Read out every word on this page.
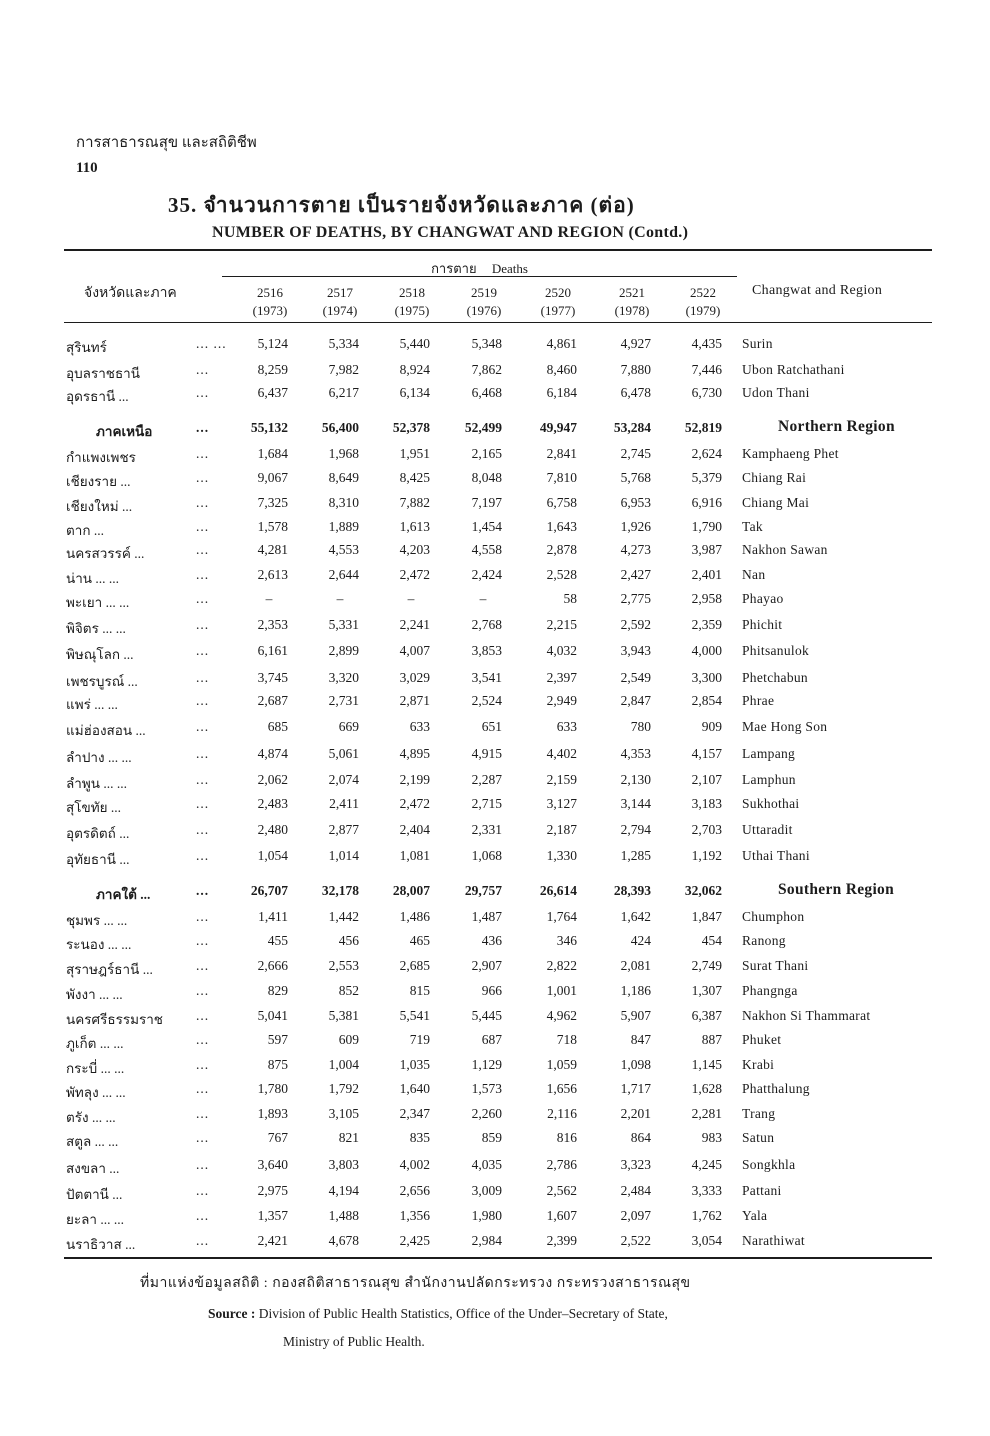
การสาธารณสุข และสถิติชีพ
110
35. จำนวนการตาย เป็นรายจังหวัดและภาค (ต่อ)
NUMBER OF DEATHS, BY CHANGWAT AND REGION (Contd.)
การตาย Deaths
จังหวัดและภาค	Changwat and Region
2516
(1973)
2517
(1974)
2518
(1975)
2519
(1976)
2520
(1977)
2521
(1978)
2522
(1979)
สุรินทร์	... ...	5,124	5,334	5,440	5,348	4,861	4,927	4,435 Surin
อุบลราชธานี	...	8,259	7,982	8,924	7,862	8,460	7,880	7,446 Ubon Ratchathani
อุดรธานี ...	...	6,437	6,217	6,134	6,468	6,184	6,478	6,730 Udon Thani
ภาคเหนือ	...	55,132	56,400	52,378	52,499	49,947	53,284	52,819	Northern Region
กำแพงเพชร	...	1,684	1,968	1,951	2,165	2,841	2,745	2,624 Kamphaeng Phet
เชียงราย ...	...	9,067	8,649	8,425	8,048	7,810	5,768	5,379 Chiang Rai
เชียงใหม่ ...	...	7,325	8,310	7,882	7,197	6,758	6,953	6,916 Chiang Mai
ตาก ...	...	1,578	1,889	1,613	1,454	1,643	1,926	1,790 Tak
นครสวรรค์ ...	...	4,281	4,553	4,203	4,558	2,878	4,273	3,987 Nakhon Sawan
น่าน ... ...	...	2,613	2,644	2,472	2,424	2,528	2,427	2,401 Nan
พะเยา ... ...	...	–	–	–	–	58	2,775	2,958 Phayao
พิจิตร ... ...	...	2,353	5,331	2,241	2,768	2,215	2,592	2,359 Phichit
พิษณุโลก ...	...	6,161	2,899	4,007	3,853	4,032	3,943	4,000 Phitsanulok
เพชรบูรณ์ ...	...	3,745	3,320	3,029	3,541	2,397	2,549	3,300 Phetchabun
แพร่ ... ...	...	2,687	2,731	2,871	2,524	2,949	2,847	2,854 Phrae
แม่ฮ่องสอน ...	...	685	669	633	651	633	780	909 Mae Hong Son
ลำปาง ... ...	...	4,874	5,061	4,895	4,915	4,402	4,353	4,157 Lampang
ลำพูน ... ...	...	2,062	2,074	2,199	2,287	2,159	2,130	2,107 Lamphun
สุโขทัย ...	...	2,483	2,411	2,472	2,715	3,127	3,144	3,183 Sukhothai
อุตรดิตถ์ ...	...	2,480	2,877	2,404	2,331	2,187	2,794	2,703 Uttaradit
อุทัยธานี ...	...	1,054	1,014	1,081	1,068	1,330	1,285	1,192 Uthai Thani
ภาคใต้ ...	...	26,707	32,178	28,007	29,757	26,614	28,393	32,062	Southern Region
ชุมพร ... ...	...	1,411	1,442	1,486	1,487	1,764	1,642	1,847 Chumphon
ระนอง ... ...	...	455	456	465	436	346	424	454 Ranong
สุราษฎร์ธานี ...	...	2,666	2,553	2,685	2,907	2,822	2,081	2,749 Surat Thani
พังงา ... ...	...	829	852	815	966	1,001	1,186	1,307 Phangnga
นครศรีธรรมราช ...	5,041	5,381	5,541	5,445	4,962	5,907	6,387 Nakhon Si Thammarat
ภูเก็ต ... ...	...	597	609	719	687	718	847	887 Phuket
กระบี่ ... ...	...	875	1,004	1,035	1,129	1,059	1,098	1,145 Krabi
พัทลุง ... ...	...	1,780	1,792	1,640	1,573	1,656	1,717	1,628 Phatthalung
ตรัง ... ...	...	1,893	3,105	2,347	2,260	2,116	2,201	2,281 Trang
สตูล ... ...	...	767	821	835	859	816	864	983 Satun
สงขลา ...	...	3,640	3,803	4,002	4,035	2,786	3,323	4,245 Songkhla
ปัตตานี ...	...	2,975	4,194	2,656	3,009	2,562	2,484	3,333 Pattani
ยะลา ... ...	...	1,357	1,488	1,356	1,980	1,607	2,097	1,762 Yala
นราธิวาส ...	...	2,421	4,678	2,425	2,984	2,399	2,522	3,054 Narathiwat
ที่มาแห่งข้อมูลสถิติ : กองสถิติสาธารณสุข สำนักงานปลัดกระทรวง กระทรวงสาธารณสุข
Source : Division of Public Health Statistics, Office of the Under–Secretary of State,
Ministry of Public Health.
